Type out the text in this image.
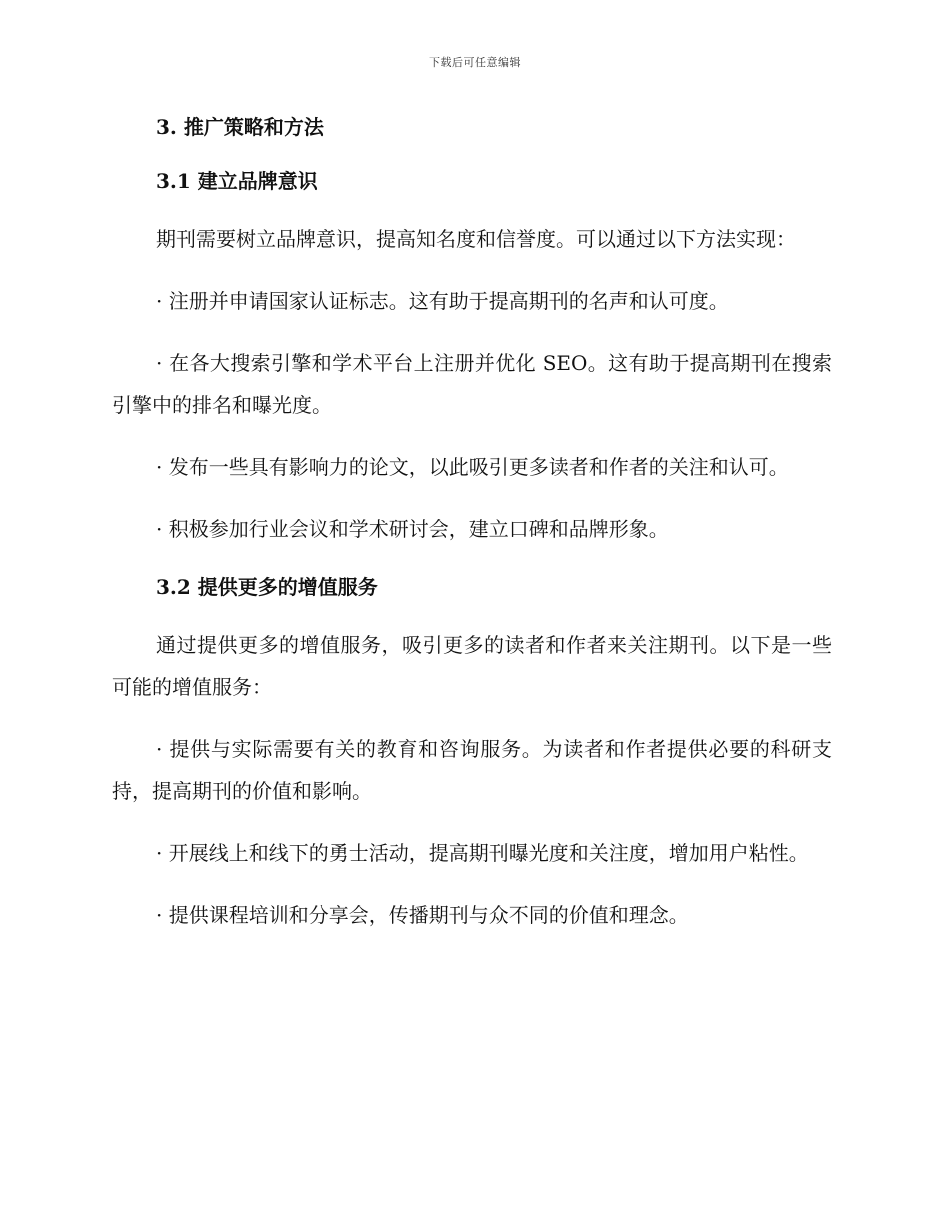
下载后可任意编辑
3. 推广策略和方法
3.1 建立品牌意识

期刊需要树立品牌意识，提高知名度和信誉度。可以通过以下方法实现：

· 注册并申请国家认证标志。这有助于提高期刊的名声和认可度。

· 在各大搜索引擎和学术平台上注册并优化 SEO。这有助于提高期刊在搜索引擎中的排名和曝光度。

· 发布一些具有影响力的论文，以此吸引更多读者和作者的关注和认可。

· 积极参加行业会议和学术研讨会，建立口碑和品牌形象。

3.2 提供更多的增值服务

通过提供更多的增值服务，吸引更多的读者和作者来关注期刊。以下是一些可能的增值服务：

· 提供与实际需要有关的教育和咨询服务。为读者和作者提供必要的科研支持，提高期刊的价值和影响。

· 开展线上和线下的勇士活动，提高期刊曝光度和关注度，增加用户粘性。

· 提供课程培训和分享会，传播期刊与众不同的价值和理念。
